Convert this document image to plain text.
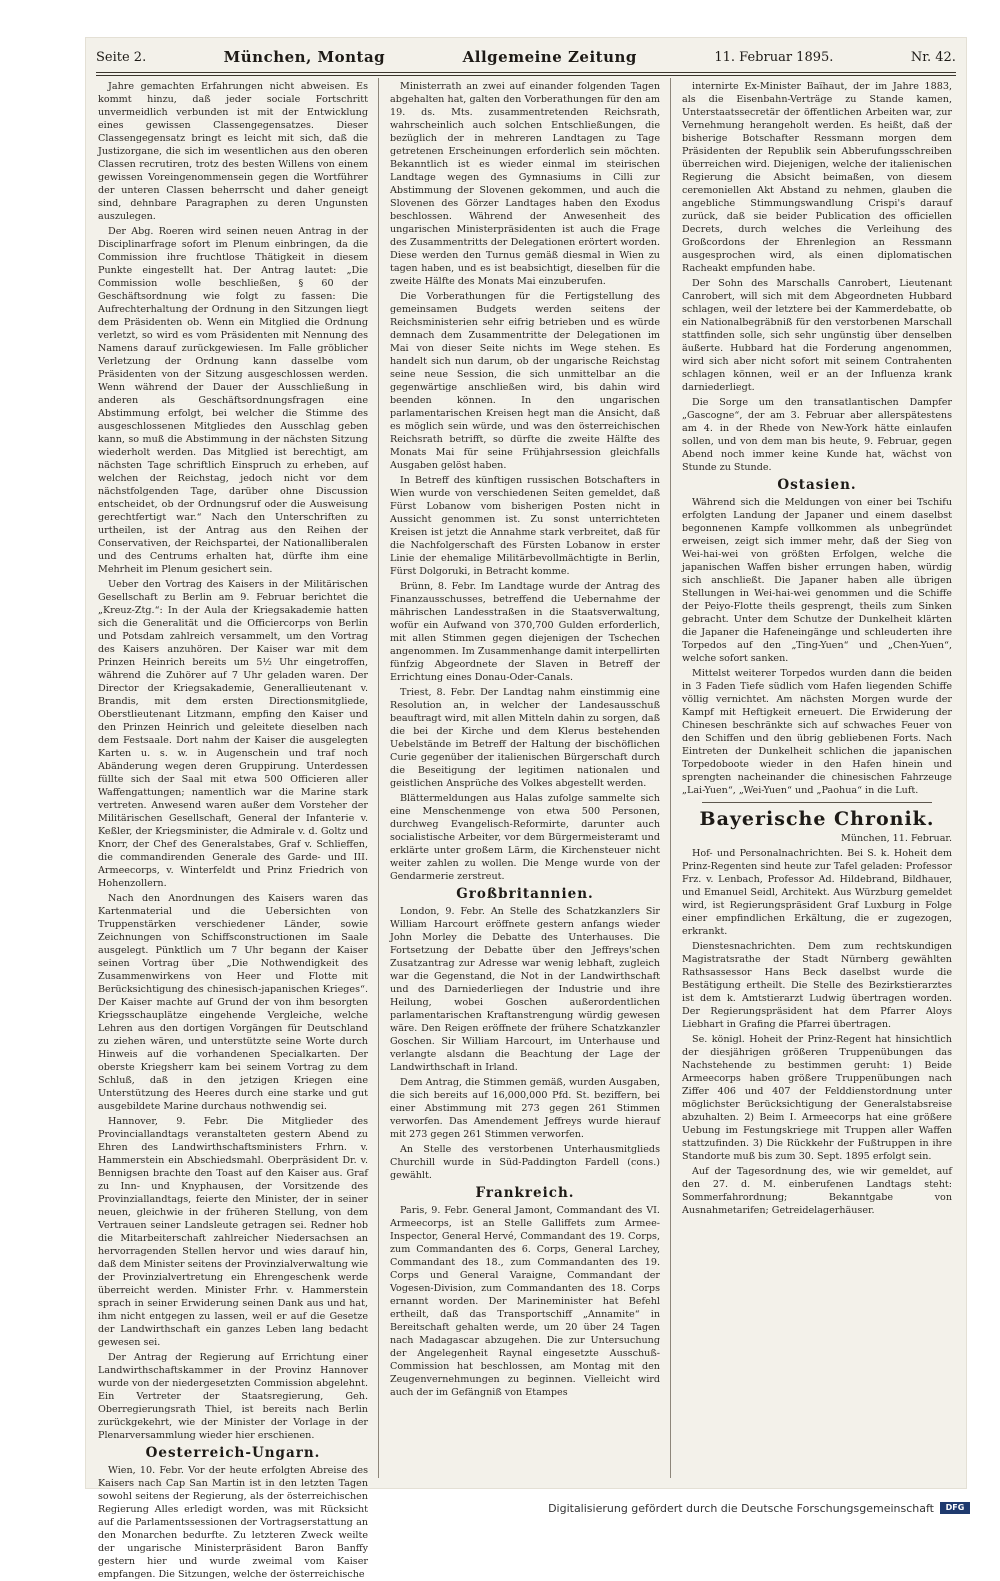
Seite 2.	München, Montag	Allgemeine Zeitung	11. Februar 1895.	Nr. 42.

Jahre gemachten Erfahrungen nicht abweisen. Es kommt hinzu, daß jeder sociale Fortschritt unvermeidlich verbunden ist mit der Entwicklung eines gewissen Classengegensatzes. Dieser Classengegensatz bringt es leicht mit sich, daß die Justizorgane, die sich im wesentlichen aus den oberen Classen recrutiren, trotz des besten Willens von einem gewissen Voreingenommensein gegen die Wortführer der unteren Classen beherrscht und daher geneigt sind, dehnbare Paragraphen zu deren Ungunsten auszulegen.

Der Abg. Roeren wird seinen neuen Antrag in der Disciplinarfrage sofort im Plenum einbringen, da die Commission ihre fruchtlose Thätigkeit in diesem Punkte eingestellt hat. Der Antrag lautet: „Die Commission wolle beschließen, § 60 der Geschäftsordnung wie folgt zu fassen: Die Aufrechterhaltung der Ordnung in den Sitzungen liegt dem Präsidenten ob. Wenn ein Mitglied die Ordnung verletzt, so wird es vom Präsidenten mit Nennung des Namens darauf zurückgewiesen. Im Falle gröblicher Verletzung der Ordnung kann dasselbe vom Präsidenten von der Sitzung ausgeschlossen werden. Wenn während der Dauer der Ausschließung in anderen als Geschäftsordnungsfragen eine Abstimmung erfolgt, bei welcher die Stimme des ausgeschlossenen Mitgliedes den Ausschlag geben kann, so muß die Abstimmung in der nächsten Sitzung wiederholt werden. Das Mitglied ist berechtigt, am nächsten Tage schriftlich Einspruch zu erheben, auf welchen der Reichstag, jedoch nicht vor dem nächstfolgenden Tage, darüber ohne Discussion entscheidet, ob der Ordnungsruf oder die Ausweisung gerechtfertigt war.“ Nach den Unterschriften zu urtheilen, ist der Antrag aus den Reihen der Conservativen, der Reichspartei, der Nationalliberalen und des Centrums erhalten hat, dürfte ihm eine Mehrheit im Plenum gesichert sein.

Ueber den Vortrag des Kaisers in der Militärischen Gesellschaft zu Berlin am 9. Februar berichtet die „Kreuz-Ztg.“: In der Aula der Kriegsakademie hatten sich die Generalität und die Officiercorps von Berlin und Potsdam zahlreich versammelt, um den Vortrag des Kaisers anzuhören. Der Kaiser war mit dem Prinzen Heinrich bereits um 5½ Uhr eingetroffen, während die Zuhörer auf 7 Uhr geladen waren. Der Director der Kriegsakademie, Generallieutenant v. Brandis, mit dem ersten Directionsmitgliede, Oberstlieutenant Litzmann, empfing den Kaiser und den Prinzen Heinrich und geleitete dieselben nach dem Festsaale. Dort nahm der Kaiser die ausgelegten Karten u. s. w. in Augenschein und traf noch Abänderung wegen deren Gruppirung. Unterdessen füllte sich der Saal mit etwa 500 Officieren aller Waffengattungen; namentlich war die Marine stark vertreten. Anwesend waren außer dem Vorsteher der Militärischen Gesellschaft, General der Infanterie v. Keßler, der Kriegsminister, die Admirale v. d. Goltz und Knorr, der Chef des Generalstabes, Graf v. Schlieffen, die commandirenden Generale des Garde- und III. Armeecorps, v. Winterfeldt und Prinz Friedrich von Hohenzollern.

Nach den Anordnungen des Kaisers waren das Kartenmaterial und die Uebersichten von Truppenstärken verschiedener Länder, sowie Zeichnungen von Schiffsconstructionen im Saale ausgelegt. Pünktlich um 7 Uhr begann der Kaiser seinen Vortrag über „Die Nothwendigkeit des Zusammenwirkens von Heer und Flotte mit Berücksichtigung des chinesisch-japanischen Krieges“. Der Kaiser machte auf Grund der von ihm besorgten Kriegsschauplätze eingehende Vergleiche, welche Lehren aus den dortigen Vorgängen für Deutschland zu ziehen wären, und unterstützte seine Worte durch Hinweis auf die vorhandenen Specialkarten. Der oberste Kriegsherr kam bei seinem Vortrag zu dem Schluß, daß in den jetzigen Kriegen eine Unterstützung des Heeres durch eine starke und gut ausgebildete Marine durchaus nothwendig sei.

Hannover, 9. Febr. Die Mitglieder des Provinciallandtags veranstalteten gestern Abend zu Ehren des Landwirthschaftsministers Frhrn. v. Hammerstein ein Abschiedsmahl. Oberpräsident Dr. v. Bennigsen brachte den Toast auf den Kaiser aus. Graf zu Inn- und Knyphausen, der Vorsitzende des Provinziallandtags, feierte den Minister, der in seiner neuen, gleichwie in der früheren Stellung, von dem Vertrauen seiner Landsleute getragen sei. Redner hob die Mitarbeiterschaft zahlreicher Niedersachsen an hervorragenden Stellen hervor und wies darauf hin, daß dem Minister seitens der Provinzialverwaltung wie der Provinzialvertretung ein Ehrengeschenk werde überreicht werden. Minister Frhr. v. Hammerstein sprach in seiner Erwiderung seinen Dank aus und hat, ihm nicht entgegen zu lassen, weil er auf die Gesetze der Landwirthschaft ein ganzes Leben lang bedacht gewesen sei.

Der Antrag der Regierung auf Errichtung einer Landwirthschaftskammer in der Provinz Hannover wurde von der niedergesetzten Commission abgelehnt. Ein Vertreter der Staatsregierung, Geh. Oberregierungsrath Thiel, ist bereits nach Berlin zurückgekehrt, wie der Minister der Vorlage in der Plenarversammlung wieder hier erschienen.

Oesterreich-Ungarn.

Wien, 10. Febr. Vor der heute erfolgten Abreise des Kaisers nach Cap San Martin ist in den letzten Tagen sowohl seitens der Regierung, als der österreichischen Regierung Alles erledigt worden, was mit Rücksicht auf die Parlamentssessionen der Vortragserstattung an den Monarchen bedurfte. Zu letzteren Zweck weilte der ungarische Ministerpräsident Baron Banffy gestern hier und wurde zweimal vom Kaiser empfangen. Die Sitzungen, welche der österreichische

Ministerrath an zwei auf einander folgenden Tagen abgehalten hat, galten den Vorberathungen für den am 19. ds. Mts. zusammentretenden Reichsrath, wahrscheinlich auch solchen Entschließungen, die bezüglich der in mehreren Landtagen zu Tage getretenen Erscheinungen erforderlich sein möchten. Bekanntlich ist es wieder einmal im steirischen Landtage wegen des Gymnasiums in Cilli zur Abstimmung der Slovenen gekommen, und auch die Slovenen des Görzer Landtages haben den Exodus beschlossen. Während der Anwesenheit des ungarischen Ministerpräsidenten ist auch die Frage des Zusammentritts der Delegationen erörtert worden. Diese werden den Turnus gemäß diesmal in Wien zu tagen haben, und es ist beabsichtigt, dieselben für die zweite Hälfte des Monats Mai einzuberufen.

Die Vorberathungen für die Fertigstellung des gemeinsamen Budgets werden seitens der Reichsministerien sehr eifrig betrieben und es würde demnach dem Zusammentritte der Delegationen im Mai von dieser Seite nichts im Wege stehen. Es handelt sich nun darum, ob der ungarische Reichstag seine neue Session, die sich unmittelbar an die gegenwärtige anschließen wird, bis dahin wird beenden können. In den ungarischen parlamentarischen Kreisen hegt man die Ansicht, daß es möglich sein würde, und was den österreichischen Reichsrath betrifft, so dürfte die zweite Hälfte des Monats Mai für seine Frühjahrsession gleichfalls Ausgaben gelöst haben.

In Betreff des künftigen russischen Botschafters in Wien wurde von verschiedenen Seiten gemeldet, daß Fürst Lobanow vom bisherigen Posten nicht in Aussicht genommen ist. Zu sonst unterrichteten Kreisen ist jetzt die Annahme stark verbreitet, daß für die Nachfolgerschaft des Fürsten Lobanow in erster Linie der ehemalige Militärbevollmächtigte in Berlin, Fürst Dolgoruki, in Betracht komme.

Brünn, 8. Febr. Im Landtage wurde der Antrag des Finanzausschusses, betreffend die Uebernahme der mährischen Landesstraßen in die Staatsverwaltung, wofür ein Aufwand von 370,700 Gulden erforderlich, mit allen Stimmen gegen diejenigen der Tschechen angenommen. Im Zusammenhange damit interpellirten fünfzig Abgeordnete der Slaven in Betreff der Errichtung eines Donau-Oder-Canals.

Triest, 8. Febr. Der Landtag nahm einstimmig eine Resolution an, in welcher der Landesausschuß beauftragt wird, mit allen Mitteln dahin zu sorgen, daß die bei der Kirche und dem Klerus bestehenden Uebelstände im Betreff der Haltung der bischöflichen Curie gegenüber der italienischen Bürgerschaft durch die Beseitigung der legitimen nationalen und geistlichen Ansprüche des Volkes abgestellt werden.

Blättermeldungen aus Halas zufolge sammelte sich eine Menschenmenge von etwa 500 Personen, durchweg Evangelisch-Reformirte, darunter auch socialistische Arbeiter, vor dem Bürgermeisteramt und erklärte unter großem Lärm, die Kirchensteuer nicht weiter zahlen zu wollen. Die Menge wurde von der Gendarmerie zerstreut.

Großbritannien.

London, 9. Febr. An Stelle des Schatzkanzlers Sir William Harcourt eröffnete gestern anfangs wieder John Morley die Debatte des Unterhauses. Die Fortsetzung der Debatte über den Jeffreys'schen Zusatzantrag zur Adresse war wenig lebhaft, zugleich war die Gegenstand, die Not in der Landwirthschaft und des Darniederliegen der Industrie und ihre Heilung, wobei Goschen außerordentlichen parlamentarischen Kraftanstrengung würdig gewesen wäre. Den Reigen eröffnete der frühere Schatzkanzler Goschen. Sir William Harcourt, im Unterhause und verlangte alsdann die Beachtung der Lage der Landwirthschaft in Irland.

Dem Antrag, die Stimmen gemäß, wurden Ausgaben, die sich bereits auf 16,000,000 Pfd. St. beziffern, bei einer Abstimmung mit 273 gegen 261 Stimmen verworfen. Das Amendement Jeffreys wurde hierauf mit 273 gegen 261 Stimmen verworfen.

An Stelle des verstorbenen Unterhausmitglieds Churchill wurde in Süd-Paddington Fardell (cons.) gewählt.

Frankreich.

Paris, 9. Febr. General Jamont, Commandant des VI. Armeecorps, ist an Stelle Galliffets zum Armee-Inspector, General Hervé, Commandant des 19. Corps, zum Commandanten des 6. Corps, General Larchey, Commandant des 18., zum Commandanten des 19. Corps und General Varaigne, Commandant der Vogesen-Division, zum Commandanten des 18. Corps ernannt worden. Der Marineminister hat Befehl ertheilt, daß das Transportschiff „Annamite“ in Bereitschaft gehalten werde, um 20 über 24 Tagen nach Madagascar abzugehen. Die zur Untersuchung der Angelegenheit Raynal eingesetzte Ausschuß-Commission hat beschlossen, am Montag mit den Zeugenvernehmungen zu beginnen. Vielleicht wird auch der im Gefängniß von Etampes

internirte Ex-Minister Baïhaut, der im Jahre 1883, als die Eisenbahn-Verträge zu Stande kamen, Unterstaatssecretär der öffentlichen Arbeiten war, zur Vernehmung herangeholt werden. Es heißt, daß der bisherige Botschafter Ressmann morgen dem Präsidenten der Republik sein Abberufungsschreiben überreichen wird. Diejenigen, welche der italienischen Regierung die Absicht beimaßen, von diesem ceremoniellen Akt Abstand zu nehmen, glauben die angebliche Stimmungswandlung Crispi's darauf zurück, daß sie beider Publication des officiellen Decrets, durch welches die Verleihung des Großcordons der Ehrenlegion an Ressmann ausgesprochen wird, als einen diplomatischen Racheakt empfunden habe.

Der Sohn des Marschalls Canrobert, Lieutenant Canrobert, will sich mit dem Abgeordneten Hubbard schlagen, weil der letztere bei der Kammerdebatte, ob ein Nationalbegräbniß für den verstorbenen Marschall stattfinden solle, sich sehr ungünstig über denselben äußerte. Hubbard hat die Forderung angenommen, wird sich aber nicht sofort mit seinem Contrahenten schlagen können, weil er an der Influenza krank darniederliegt.

Die Sorge um den transatlantischen Dampfer „Gascogne“, der am 3. Februar aber allerspätestens am 4. in der Rhede von New-York hätte einlaufen sollen, und von dem man bis heute, 9. Februar, gegen Abend noch immer keine Kunde hat, wächst von Stunde zu Stunde.

Ostasien.

Während sich die Meldungen von einer bei Tschifu erfolgten Landung der Japaner und einem daselbst begonnenen Kampfe vollkommen als unbegründet erweisen, zeigt sich immer mehr, daß der Sieg von Wei-hai-wei von größten Erfolgen, welche die japanischen Waffen bisher errungen haben, würdig sich anschließt. Die Japaner haben alle übrigen Stellungen in Wei-hai-wei genommen und die Schiffe der Peiyo-Flotte theils gesprengt, theils zum Sinken gebracht. Unter dem Schutze der Dunkelheit klärten die Japaner die Hafeneingänge und schleuderten ihre Torpedos auf den „Ting-Yuen“ und „Chen-Yuen“, welche sofort sanken.

Mittelst weiterer Torpedos wurden dann die beiden in 3 Faden Tiefe südlich vom Hafen liegenden Schiffe völlig vernichtet. Am nächsten Morgen wurde der Kampf mit Heftigkeit erneuert. Die Erwiderung der Chinesen beschränkte sich auf schwaches Feuer von den Schiffen und den übrig gebliebenen Forts. Nach Eintreten der Dunkelheit schlichen die japanischen Torpedoboote wieder in den Hafen hinein und sprengten nacheinander die chinesischen Fahrzeuge „Lai-Yuen“, „Wei-Yuen“ und „Paohua“ in die Luft.

Bayerische Chronik.
München, 11. Februar.

Hof- und Personalnachrichten. Bei S. k. Hoheit dem Prinz-Regenten sind heute zur Tafel geladen: Professor Frz. v. Lenbach, Professor Ad. Hildebrand, Bildhauer, und Emanuel Seidl, Architekt. Aus Würzburg gemeldet wird, ist Regierungspräsident Graf Luxburg in Folge einer empfindlichen Erkältung, die er zugezogen, erkrankt.

Dienstesnachrichten. Dem zum rechtskundigen Magistratsrathe der Stadt Nürnberg gewählten Rathsassessor Hans Beck daselbst wurde die Bestätigung ertheilt. Die Stelle des Bezirkstierarztes ist dem k. Amtstierarzt Ludwig übertragen worden. Der Regierungspräsident hat dem Pfarrer Aloys Liebhart in Grafing die Pfarrei übertragen.

Se. königl. Hoheit der Prinz-Regent hat hinsichtlich der diesjährigen größeren Truppenübungen das Nachstehende zu bestimmen geruht: 1) Beide Armeecorps haben größere Truppenübungen nach Ziffer 406 und 407 der Felddienstordnung unter möglichster Berücksichtigung der Generalstabsreise abzuhalten. 2) Beim I. Armeecorps hat eine größere Uebung im Festungskriege mit Truppen aller Waffen stattzufinden. 3) Die Rückkehr der Fußtruppen in ihre Standorte muß bis zum 30. Sept. 1895 erfolgt sein.

Auf der Tagesordnung des, wie wir gemeldet, auf den 27. d. M. einberufenen Landtags steht: Sommerfahrordnung; Bekanntgabe von Ausnahmetarifen; Getreidelagerhäuser.

Digitalisierung gefördert durch die Deutsche Forschungsgemeinschaft	DFG
